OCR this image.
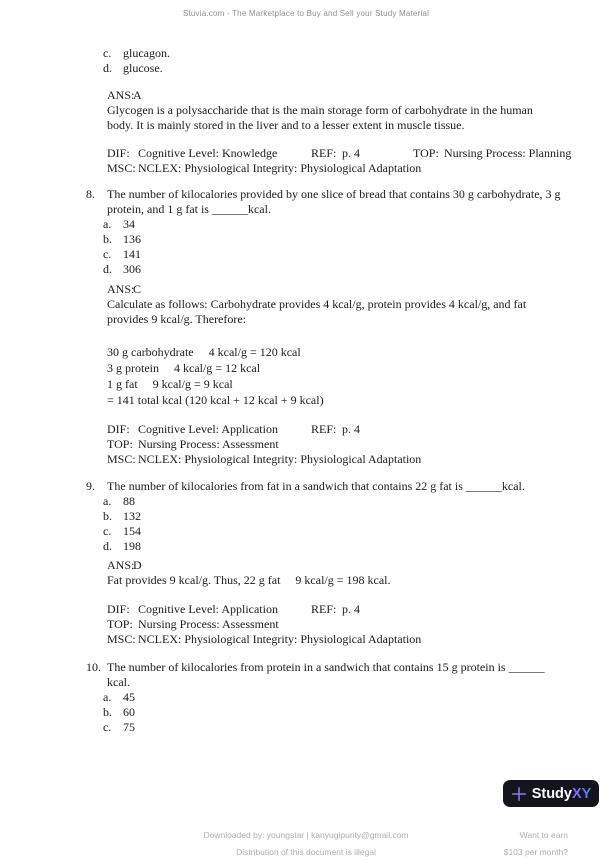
Stuvia.com - The Marketplace to Buy and Sell your Study Material
c. glucagon.
d. glucose.
ANS:A
Glycogen is a polysaccharide that is the main storage form of carbohydrate in the human
body. It is mainly stored in the liver and to a lesser extent in muscle tissue.
DIF: Cognitive Level: Knowledge	REF: p. 4	TOP: Nursing Process: Planning
MSC: NCLEX: Physiological Integrity: Physiological Adaptation
8.	The number of kilocalories provided by one slice of bread that contains 30 g carbohydrate, 3 g
protein, and 1 g fat is ______kcal.
a. 34
b. 136
c. 141
d. 306
ANS:C
Calculate as follows: Carbohydrate provides 4 kcal/g, protein provides 4 kcal/g, and fat
provides 9 kcal/g. Therefore:
30 g carbohydrate     4 kcal/g = 120 kcal
3 g protein     4 kcal/g = 12 kcal
1 g fat     9 kcal/g = 9 kcal
= 141 total kcal (120 kcal + 12 kcal + 9 kcal)
DIF: Cognitive Level: Application	REF: p. 4
TOP: Nursing Process: Assessment
MSC: NCLEX: Physiological Integrity: Physiological Adaptation
9.	The number of kilocalories from fat in a sandwich that contains 22 g fat is ______kcal.
a. 88
b. 132
c. 154
d. 198
ANS:D
Fat provides 9 kcal/g. Thus, 22 g fat     9 kcal/g = 198 kcal.
DIF: Cognitive Level: Application	REF: p. 4
TOP: Nursing Process: Assessment
MSC: NCLEX: Physiological Integrity: Physiological Adaptation
10. The number of kilocalories from protein in a sandwich that contains 15 g protein is ______
kcal.
a. 45
b. 60
c. 75
StudyXY
Downloaded by: youngstar | kanyugipurity@gmail.com
Distribution of this document is illegal
Want to earn
$103 per month?
